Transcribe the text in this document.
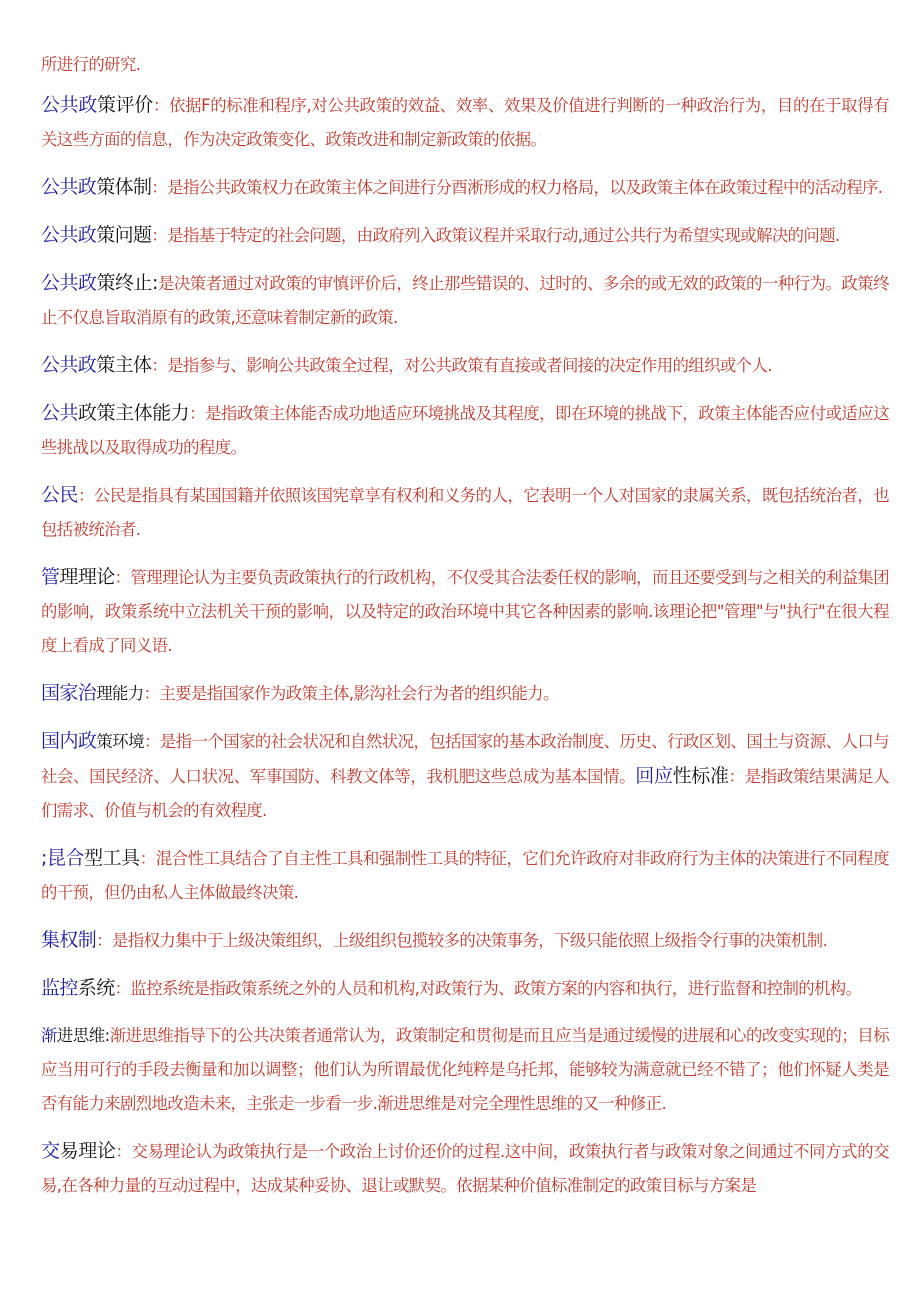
所进行的研究.

公共政策评价：依据F的标准和程序,对公共政策的效益、效率、效果及价值进行判断的一种政治行为，目的在于取得有关这些方面的信息，作为决定政策变化、政策改进和制定新政策的依据。

公共政策体制：是指公共政策权力在政策主体之间进行分酉淅形成的权力格局，以及政策主体在政策过程中的活动程序.

公共政策问题：是指基于特定的社会问题，由政府列入政策议程并采取行动,通过公共行为希望实现或解决的问题.

公共政策终止:是决策者通过对政策的审慎评价后，终止那些错误的、过时的、多余的或无效的政策的一种行为。政策终止不仅息旨取消原有的政策,还意味着制定新的政策.

公共政策主体：是指参与、影响公共政策全过程，对公共政策有直接或者间接的决定作用的组织或个人.

公共政策主体能力：是指政策主体能否成功地适应环境挑战及其程度，即在环境的挑战下，政策主体能否应付或适应这些挑战以及取得成功的程度。

公民：公民是指具有某国国籍并依照该国宪章享有权利和义务的人，它表明一个人对国家的隶属关系，既包括统治者，也包括被统治者.

管理理论：管理理论认为主要负责政策执行的行政机构，不仅受其合法委任权的影响，而且还要受到与之相关的利益集团的影响，政策系统中立法机关干预的影响，以及特定的政治环境中其它各种因素的影响.该理论把"管理"与"执行"在很大程度上看成了同义语.

国家治理能力：主要是指国家作为政策主体,影沟社会行为者的组织能力。

国内政策环境：是指一个国家的社会状况和自然状况，包括国家的基本政治制度、历史、行政区划、国土与资源、人口与社会、国民经济、人口状况、军事国防、科教文体等，我机肥这些总成为基本国情。回应性标准：是指政策结果满足人们需求、价值与机会的有效程度.

;昆合型工具：混合性工具结合了自主性工具和强制性工具的特征，它们允许政府对非政府行为主体的决策进行不同程度的干预，但仍由私人主体做最终决策.

集权制：是指权力集中于上级决策组织，上级组织包揽较多的决策事务，下级只能依照上级指令行事的决策机制.

监控系统：监控系统是指政策系统之外的人员和机构,对政策行为、政策方案的内容和执行，进行监督和控制的机构。

渐进思维:渐进思维指导下的公共决策者通常认为，政策制定和贯彻是而且应当是通过缓慢的进展和心的改变实现的；目标应当用可行的手段去衡量和加以调整；他们认为所谓最优化纯粹是乌托邦，能够较为满意就已经不错了；他们怀疑人类是否有能力来剧烈地改造未来，主张走一步看一步.渐进思维是对完全理性思维的又一种修正.

交易理论：交易理论认为政策执行是一个政治上讨价还价的过程.这中间，政策执行者与政策对象之间通过不同方式的交易,在各种力量的互动过程中，达成某种妥协、退让或默契。依据某种价值标准制定的政策目标与方案是
